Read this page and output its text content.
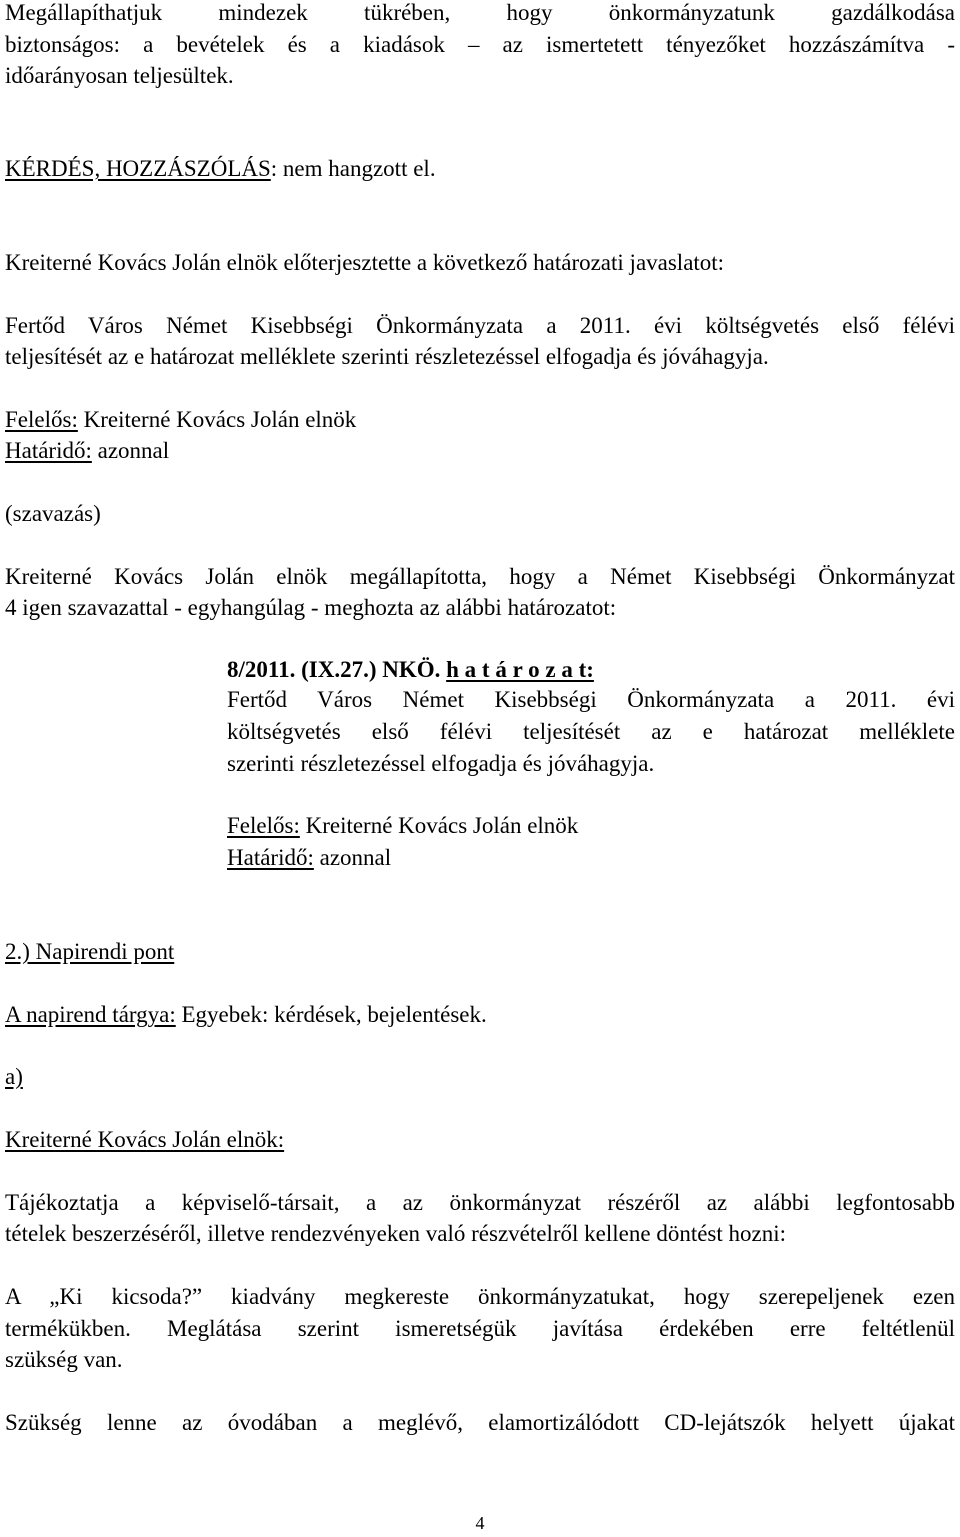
Megállapíthatjuk mindezek tükrében, hogy önkormányzatunk gazdálkodása
biztonságos: a bevételek és a kiadások – az ismertetett tényezőket hozzászámítva -
időarányosan teljesültek.
KÉRDÉS, HOZZÁSZÓLÁS: nem hangzott el.
Kreiterné Kovács Jolán elnök előterjesztette a következő határozati javaslatot:
Fertőd Város Német Kisebbségi Önkormányzata a 2011. évi költségvetés első félévi
teljesítését az e határozat melléklete szerinti részletezéssel elfogadja és jóváhagyja.
Felelős: Kreiterné Kovács Jolán elnök
Határidő: azonnal
(szavazás)
Kreiterné Kovács Jolán elnök megállapította, hogy a Német Kisebbségi Önkormányzat
4 igen szavazattal - egyhangúlag - meghozta az alábbi határozatot:
8/2011. (IX.27.) NKÖ. h a t á r o z a t:
Fertőd Város Német Kisebbségi Önkormányzata a 2011. évi
költségvetés első félévi teljesítését az e határozat melléklete
szerinti részletezéssel elfogadja és jóváhagyja.
Felelős: Kreiterné Kovács Jolán elnök
Határidő: azonnal
2.) Napirendi pont
A napirend tárgya: Egyebek: kérdések, bejelentések.
a)
Kreiterné Kovács Jolán elnök:
Tájékoztatja a képviselő-társait, a az önkormányzat részéről az alábbi legfontosabb
tételek beszerzéséről, illetve rendezvényeken való részvételről kellene döntést hozni:
A „Ki kicsoda?” kiadvány megkereste önkormányzatukat, hogy szerepeljenek ezen
termékükben. Meglátása szerint ismeretségük javítása érdekében erre feltétlenül
szükség van.
Szükség lenne az óvodában a meglévő, elamortizálódott CD-lejátszók helyett újakat
4
